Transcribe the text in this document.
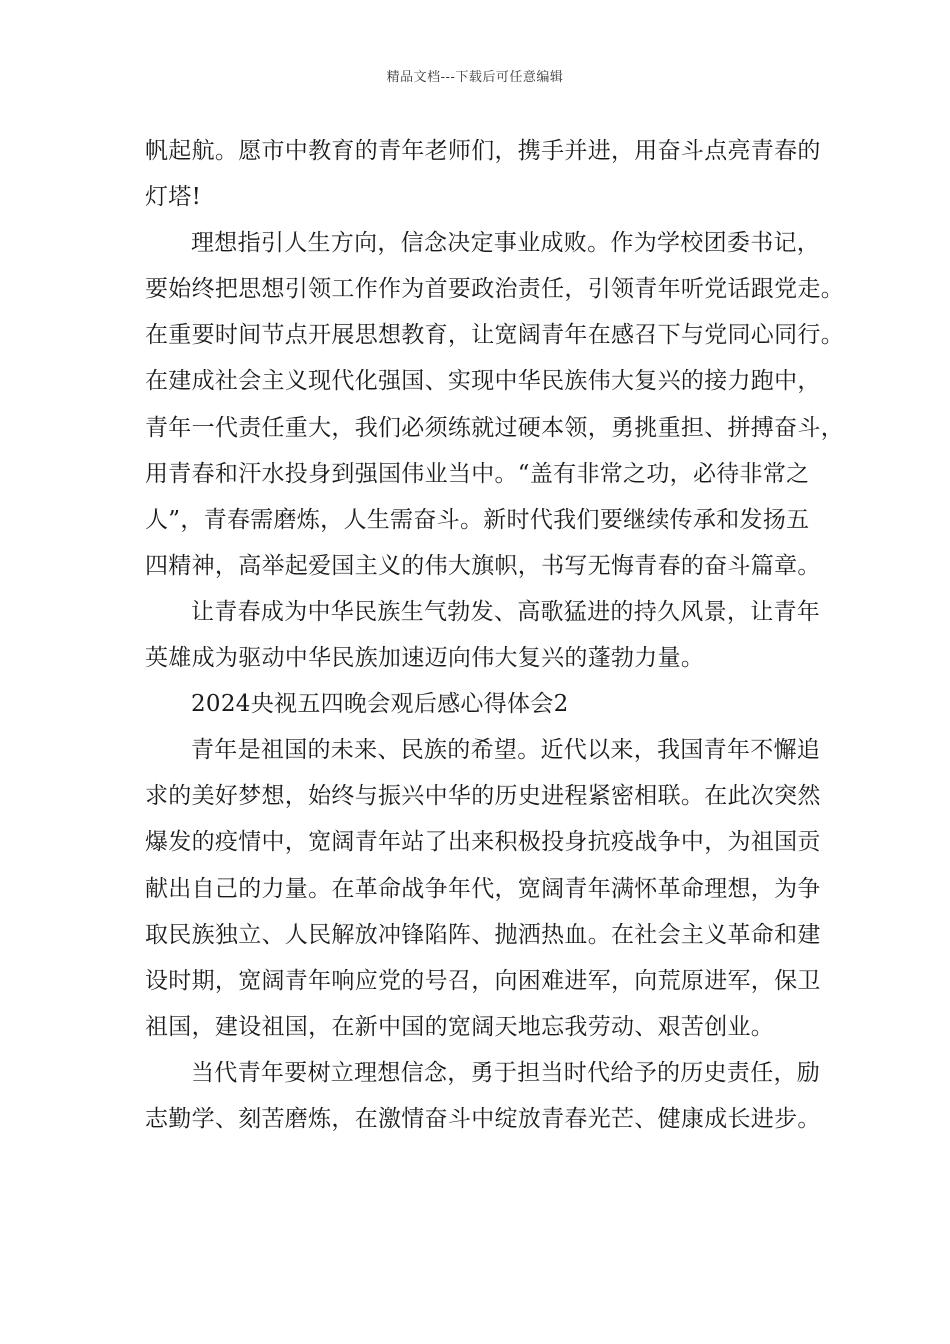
精品文档---下载后可任意编辑
帆起航。愿市中教育的青年老师们，携手并进，用奋斗点亮青春的
灯塔!
理想指引人生方向，信念决定事业成败。作为学校团委书记，
要始终把思想引领工作作为首要政治责任，引领青年听党话跟党走。
在重要时间节点开展思想教育，让宽阔青年在感召下与党同心同行。
在建成社会主义现代化强国、实现中华民族伟大复兴的接力跑中，
青年一代责任重大，我们必须练就过硬本领，勇挑重担、拼搏奋斗，
用青春和汗水投身到强国伟业当中。“盖有非常之功，必待非常之
人”，青春需磨炼，人生需奋斗。新时代我们要继续传承和发扬五
四精神，高举起爱国主义的伟大旗帜，书写无悔青春的奋斗篇章。
让青春成为中华民族生气勃发、高歌猛进的持久风景，让青年
英雄成为驱动中华民族加速迈向伟大复兴的蓬勃力量。
2024央视五四晚会观后感心得体会2
青年是祖国的未来、民族的希望。近代以来，我国青年不懈追
求的美好梦想，始终与振兴中华的历史进程紧密相联。在此次突然
爆发的疫情中，宽阔青年站了出来积极投身抗疫战争中，为祖国贡
献出自己的力量。在革命战争年代，宽阔青年满怀革命理想，为争
取民族独立、人民解放冲锋陷阵、抛洒热血。在社会主义革命和建
设时期，宽阔青年响应党的号召，向困难进军，向荒原进军，保卫
祖国，建设祖国，在新中国的宽阔天地忘我劳动、艰苦创业。
当代青年要树立理想信念，勇于担当时代给予的历史责任，励
志勤学、刻苦磨炼，在激情奋斗中绽放青春光芒、健康成长进步。
